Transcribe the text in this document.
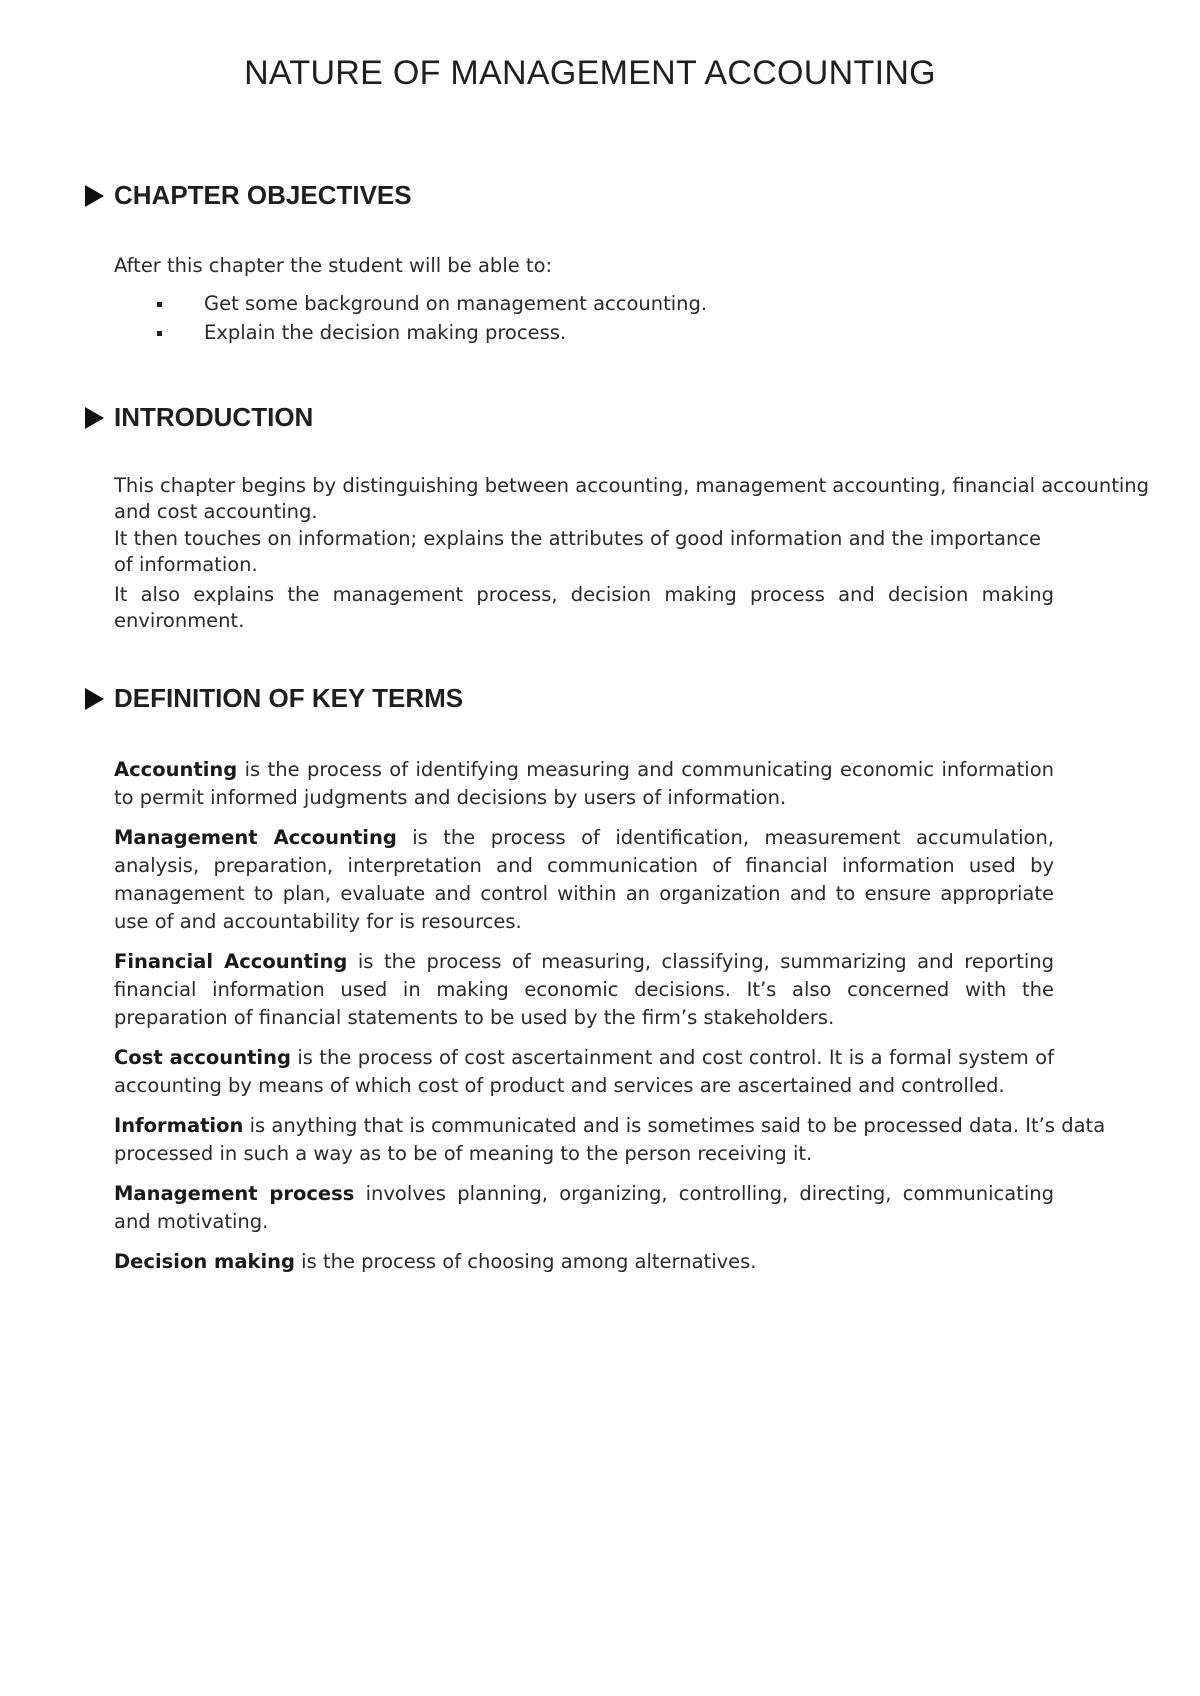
NATURE OF MANAGEMENT ACCOUNTING
CHAPTER OBJECTIVES

After this chapter the student will be able to:

Get some background on management accounting.
Explain the decision making process.
INTRODUCTION

This chapter begins by distinguishing between accounting, management accounting, financial accounting and cost accounting.

It then touches on information; explains the attributes of good information and the importance of information.

It also explains the management process, decision making process and decision making environment.

DEFINITION OF KEY TERMS

Accounting is the process of identifying measuring and communicating economic information to permit informed judgments and decisions by users of information.

Management Accounting is the process of identification, measurement accumulation, analysis, preparation, interpretation and communication of financial information used by management to plan, evaluate and control within an organization and to ensure appropriate use of and accountability for is resources.

Financial Accounting is the process of measuring, classifying, summarizing and reporting financial information used in making economic decisions. It’s also concerned with the preparation of financial statements to be used by the firm’s stakeholders.

Cost accounting is the process of cost ascertainment and cost control. It is a formal system of accounting by means of which cost of product and services are ascertained and controlled.

Information is anything that is communicated and is sometimes said to be processed data. It’s data processed in such a way as to be of meaning to the person receiving it.

Management process involves planning, organizing, controlling, directing, communicating and motivating.

Decision making is the process of choosing among alternatives.
